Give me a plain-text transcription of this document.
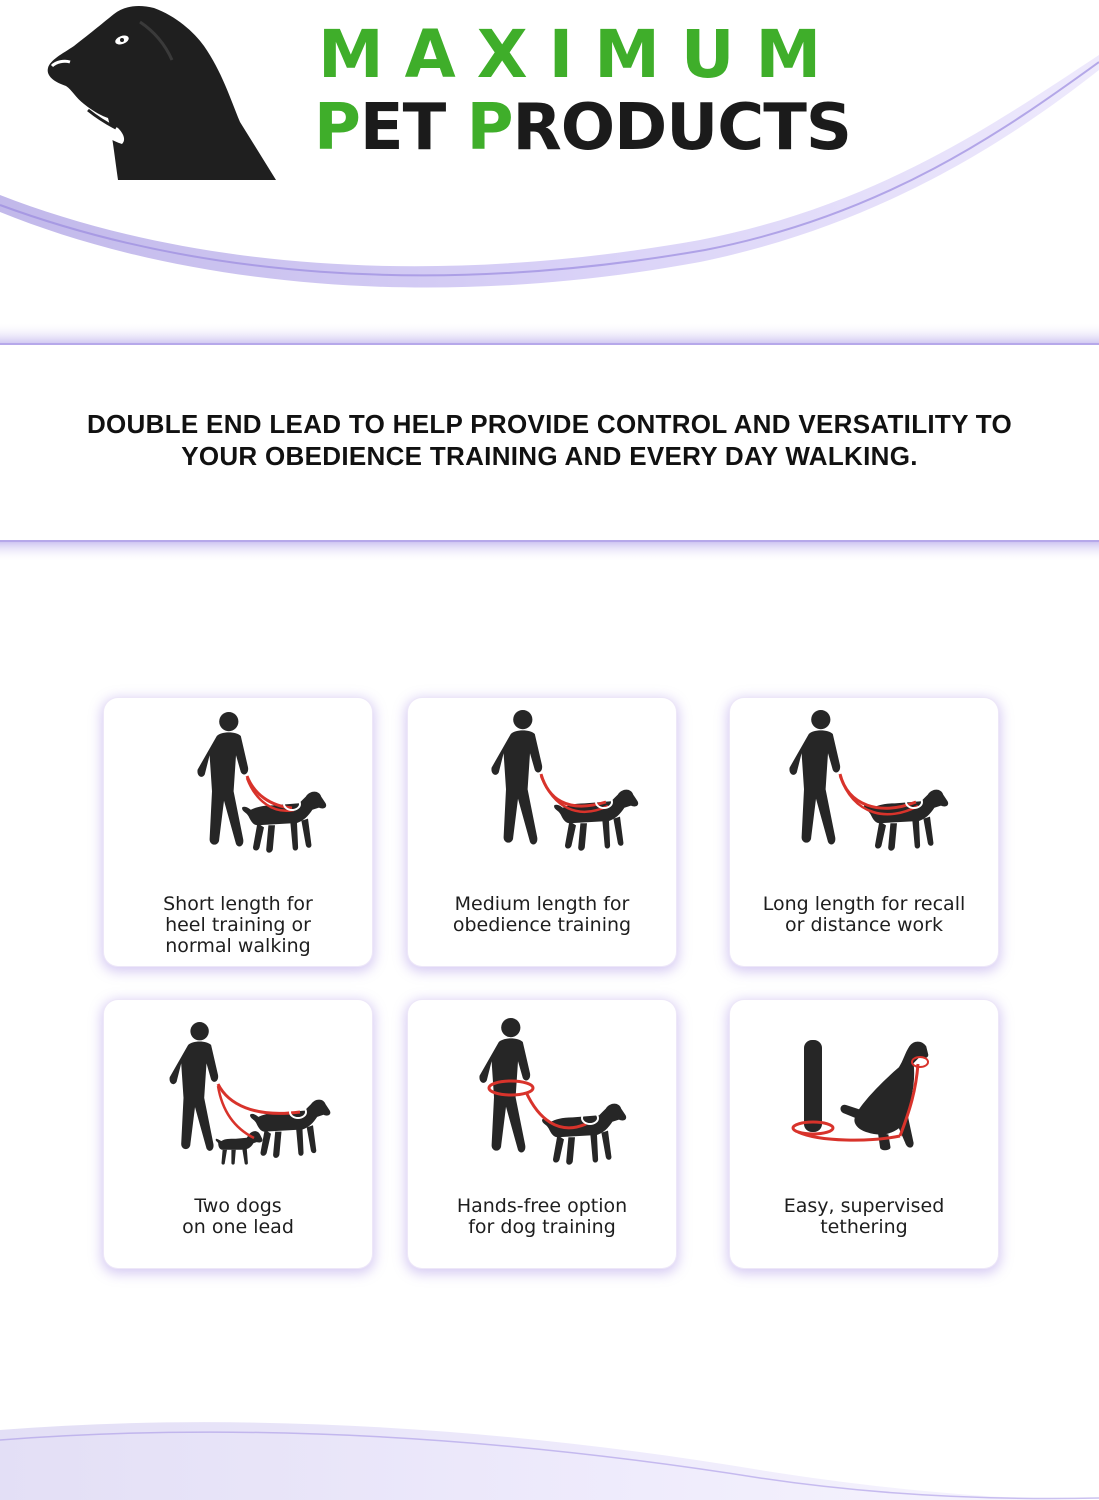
MAXIMUM
PET PRODUCTS
DOUBLE END LEAD TO HELP PROVIDE CONTROL AND VERSATILITY TO
YOUR OBEDIENCE TRAINING AND EVERY DAY WALKING.
Short length for
heel training or
normal walking
Medium length for
obedience training
Long length for recall
or distance work
Two dogs
on one lead
Hands-free option
for dog training
Easy, supervised
tethering
